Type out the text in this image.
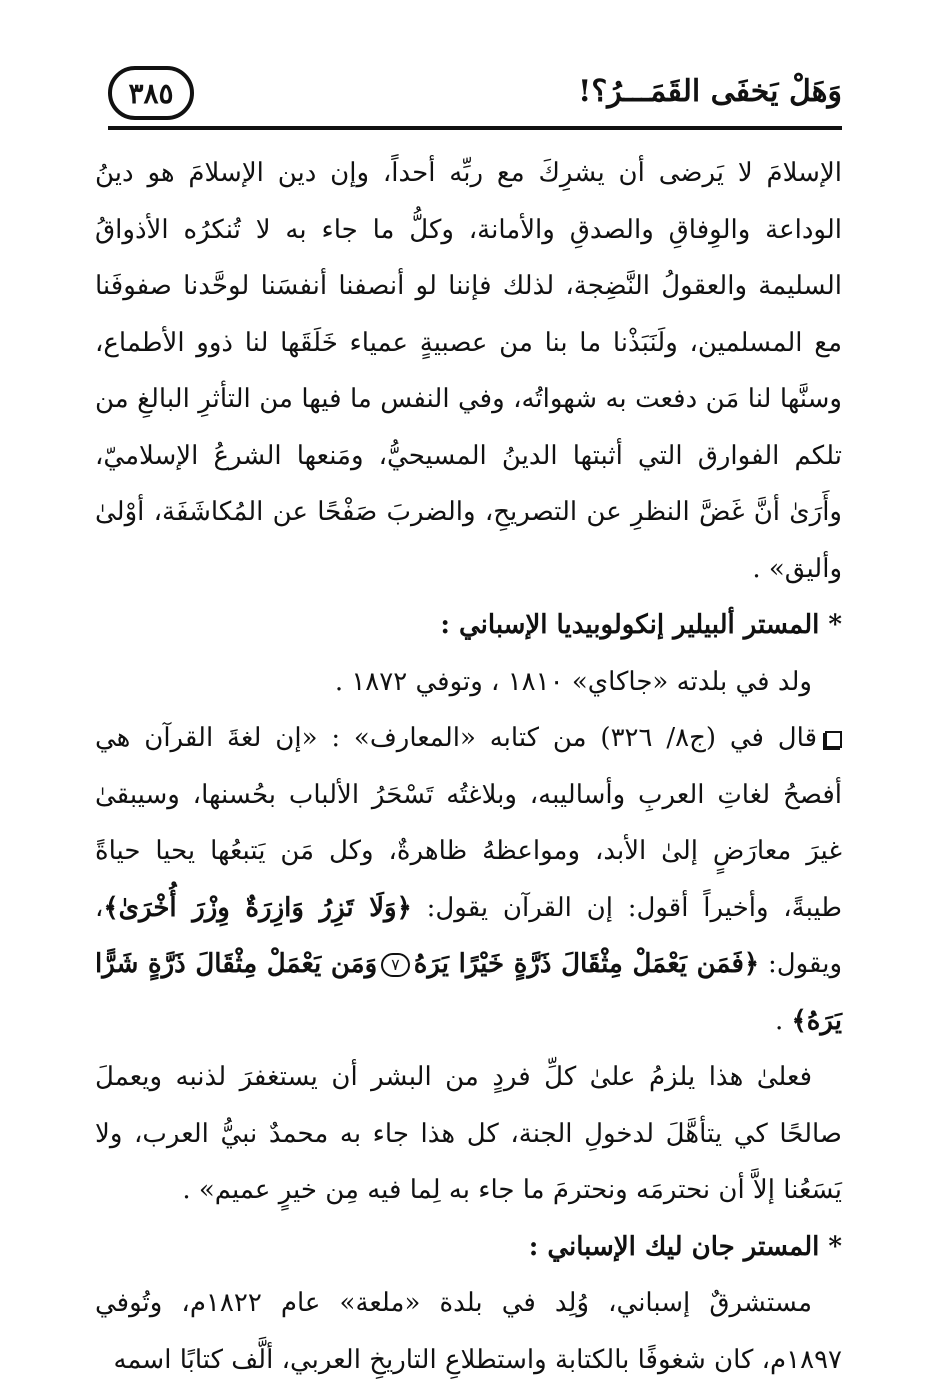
وَهَلْ يَخفَى القَمَـــرُ؟!
٣٨٥

الإسلامَ لا يَرضى أن يشرِكَ مع ربِّه أحداً، وإن دين الإسلامَ هو دينُ الوداعة والوِفاقِ والصدقِ والأمانة، وكلُّ ما جاء به لا تُنكرُه الأذواقُ السليمة والعقولُ النَّضِجة، لذلك فإننا لو أنصفنا أنفسَنا لوحَّدنا صفوفَنا مع المسلمين، ولَنَبَذْنا ما بنا من عصبيةٍ عمياء خَلَقَها لنا ذوو الأطماع، وسنَّها لنا مَن دفعت به شهواتُه، وفي النفس ما فيها من التأثرِ البالغِ من تلكم الفوارق التي أثبتها الدينُ المسيحيُّ، ومَنعها الشرعُ الإسلاميّ، وأَرَىٰ أنَّ غَضَّ النظرِ عن التصريحِ، والضربَ صَفْحًا عن المُكاشَفَة، أوْلىٰ وأليق» .

* المستر ألبيلير إنكولوبيديا الإسباني :

ولد في بلدته «جاكاي» ١٨١٠ ، وتوفي ١٨٧٢ .

قال في (ج٨/ ٣٢٦) من كتابه «المعارف» : «إن لغةَ القرآن هي أفصحُ لغاتِ العربِ وأساليبه، وبلاغتُه تَسْحَرُ الألباب بحُسنها، وسيبقىٰ غيرَ معارَضٍ إلىٰ الأبد، ومواعظهُ ظاهرةٌ، وكل مَن يَتبعُها يحيا حياةً طيبةً، وأخيراً أقول: إن القرآن يقول: ﴿وَلَا تَزِرُ وَازِرَةٌ وِزْرَ أُخْرَىٰ﴾، ويقول: ﴿فَمَن يَعْمَلْ مِثْقَالَ ذَرَّةٍ خَيْرًا يَرَهُ٧وَمَن يَعْمَلْ مِثْقَالَ ذَرَّةٍ شَرًّا يَرَهُ﴾ .

فعلىٰ هذا يلزمُ علىٰ كلِّ فردٍ من البشر أن يستغفرَ لذنبه ويعملَ صالحًا كي يتأهَّلَ لدخولِ الجنة، كل هذا جاء به محمدٌ نبيُّ العرب، ولا يَسَعُنا إلاَّ أن نحترمَه ونحترمَ ما جاء به لِما فيه مِن خيرٍ عميم» .

* المستر جان ليك الإسباني :

مستشرقٌ إسباني، وُلِد في بلدة «ملعة» عام ١٨٢٢م، وتُوفي ١٨٩٧م، كان شغوفًا بالكتابة واستطلاعِ التاريخِ العربي، ألَّف كتابًا اسمه
